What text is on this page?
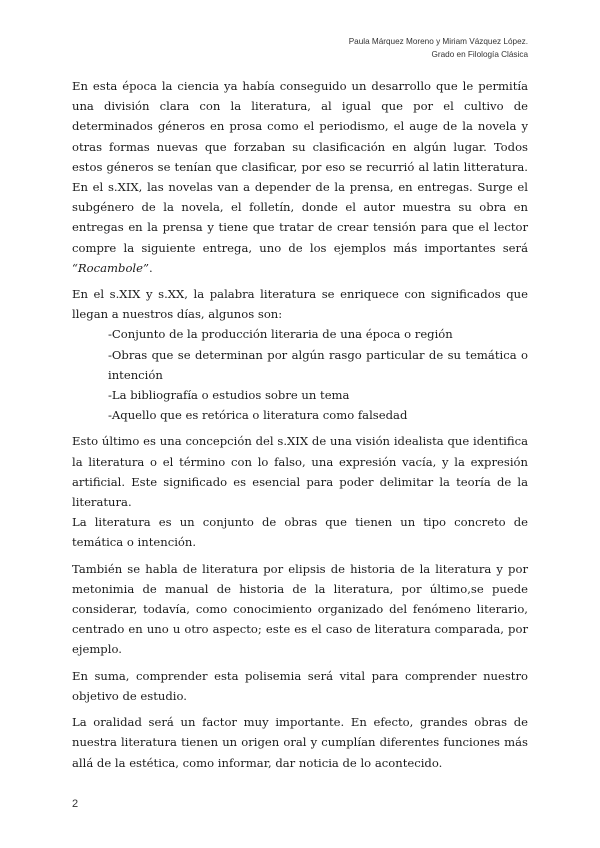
Paula Márquez Moreno y Miriam Vázquez López.
Grado en Filología Clásica

En esta época la ciencia ya había conseguido un desarrollo que le permitía una división clara con la literatura, al igual que por el cultivo de determinados géneros en prosa como el periodismo, el auge de la novela y otras formas nuevas que forzaban su clasificación en algún lugar. Todos estos géneros se tenían que clasificar, por eso se recurrió al latin litteratura. En el s.XIX, las novelas van a depender de la prensa, en entregas. Surge el subgénero de la novela, el folletín, donde el autor muestra su obra en entregas en la prensa y tiene que tratar de crear tensión para que el lector compre la siguiente entrega, uno de los ejemplos más importantes será “Rocambole”.

En el s.XIX y s.XX, la palabra literatura se enriquece con significados que llegan a nuestros días, algunos son:

-Conjunto de la producción literaria de una época o región
-Obras que se determinan por algún rasgo particular de su temática o intención
-La bibliografía o estudios sobre un tema
-Aquello que es retórica o literatura como falsedad

Esto último es una concepción del s.XIX de una visión idealista que identifica la literatura o el término con lo falso, una expresión vacía, y la expresión artificial. Este significado es esencial para poder delimitar la teoría de la literatura.

La literatura es un conjunto de obras que tienen un tipo concreto de temática o intención.

También se habla de literatura por elipsis de historia de la literatura y por metonimia de manual de historia de la literatura, por último,se puede considerar, todavía, como conocimiento organizado del fenómeno literario, centrado en uno u otro aspecto; este es el caso de literatura comparada, por ejemplo.

En suma, comprender esta polisemia será vital para comprender nuestro objetivo de estudio.

La oralidad será un factor muy importante. En efecto, grandes obras de nuestra literatura tienen un origen oral y cumplían diferentes funciones más allá de la estética, como informar, dar noticia de lo acontecido.

2
